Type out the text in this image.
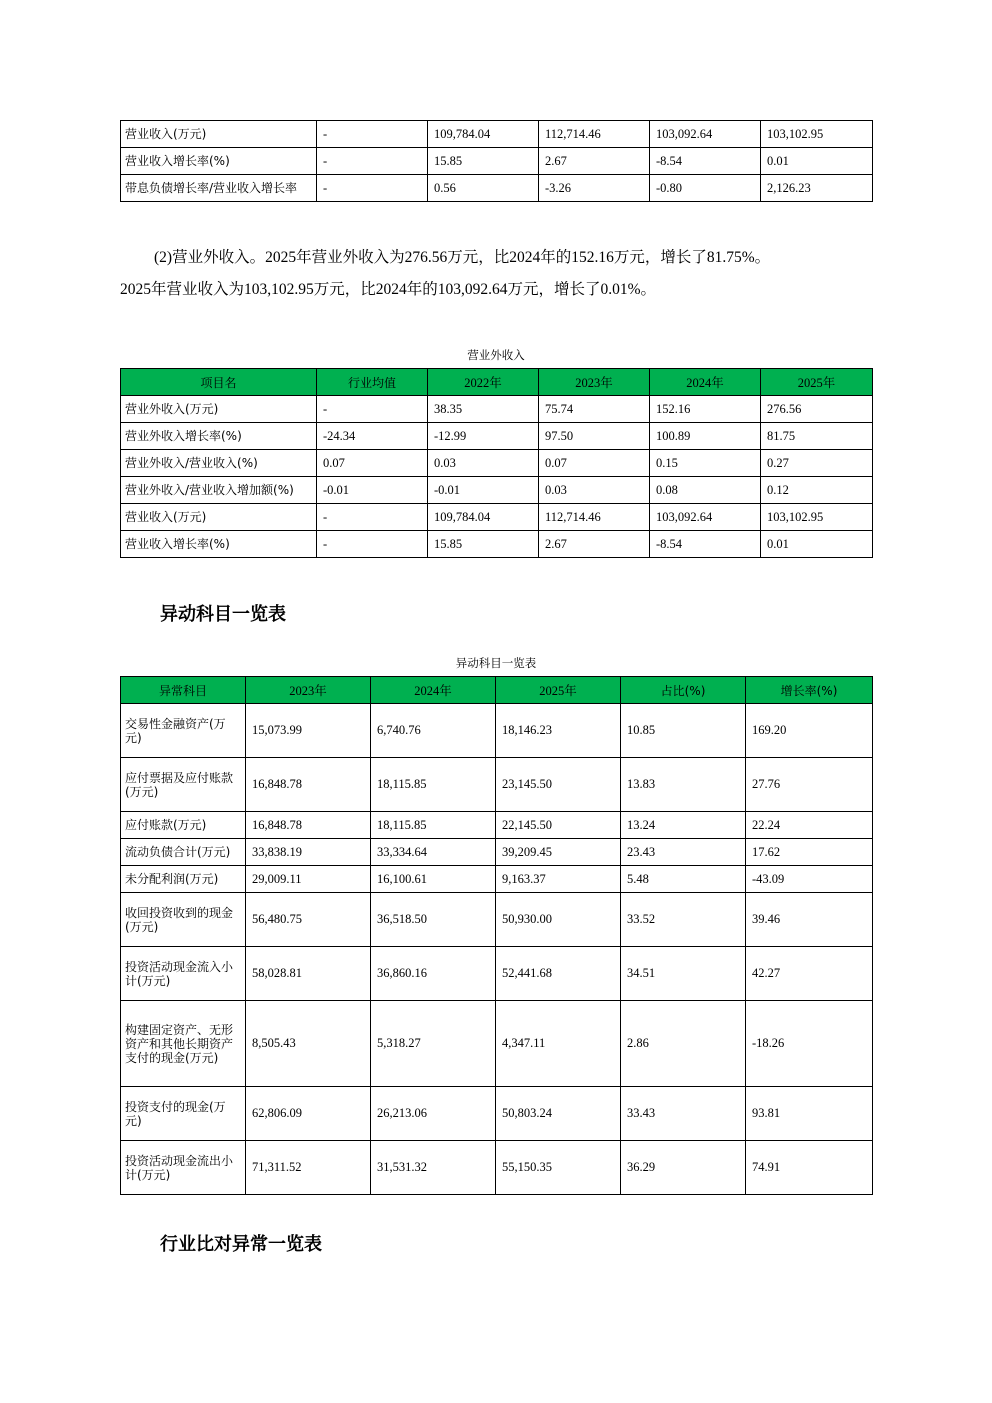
营业收入(万元)	-	109,784.04	112,714.46	103,092.64	103,102.95
营业收入增长率(%)	-	15.85	2.67	-8.54	0.01
带息负债增长率/营业收入增长率	-	0.56	-3.26	-0.80	2,126.23
(2)营业外收入。2025年营业外收入为276.56万元，比2024年的152.16万元，增长了81.75%。
2025年营业收入为103,102.95万元，比2024年的103,092.64万元，增长了0.01%。
营业外收入
项目名	行业均值	2022年	2023年	2024年	2025年
营业外收入(万元)	-	38.35	75.74	152.16	276.56
营业外收入增长率(%)	-24.34	-12.99	97.50	100.89	81.75
营业外收入/营业收入(%)	0.07	0.03	0.07	0.15	0.27
营业外收入/营业收入增加额(%)	-0.01	-0.01	0.03	0.08	0.12
营业收入(万元)	-	109,784.04	112,714.46	103,092.64	103,102.95
营业收入增长率(%)	-	15.85	2.67	-8.54	0.01
异动科目一览表
异动科目一览表
异常科目	2023年	2024年	2025年	占比(%)	增长率(%)
交易性金融资产(万元)	15,073.99	6,740.76	18,146.23	10.85	169.20
应付票据及应付账款(万元)	16,848.78	18,115.85	23,145.50	13.83	27.76
应付账款(万元)	16,848.78	18,115.85	22,145.50	13.24	22.24
流动负债合计(万元)	33,838.19	33,334.64	39,209.45	23.43	17.62
未分配利润(万元)	29,009.11	16,100.61	9,163.37	5.48	-43.09
收回投资收到的现金(万元)	56,480.75	36,518.50	50,930.00	33.52	39.46
投资活动现金流入小计(万元)	58,028.81	36,860.16	52,441.68	34.51	42.27
构建固定资产、无形资产和其他长期资产支付的现金(万元)	8,505.43	5,318.27	4,347.11	2.86	-18.26
投资支付的现金(万元)	62,806.09	26,213.06	50,803.24	33.43	93.81
投资活动现金流出小计(万元)	71,311.52	31,531.32	55,150.35	36.29	74.91
行业比对异常一览表
